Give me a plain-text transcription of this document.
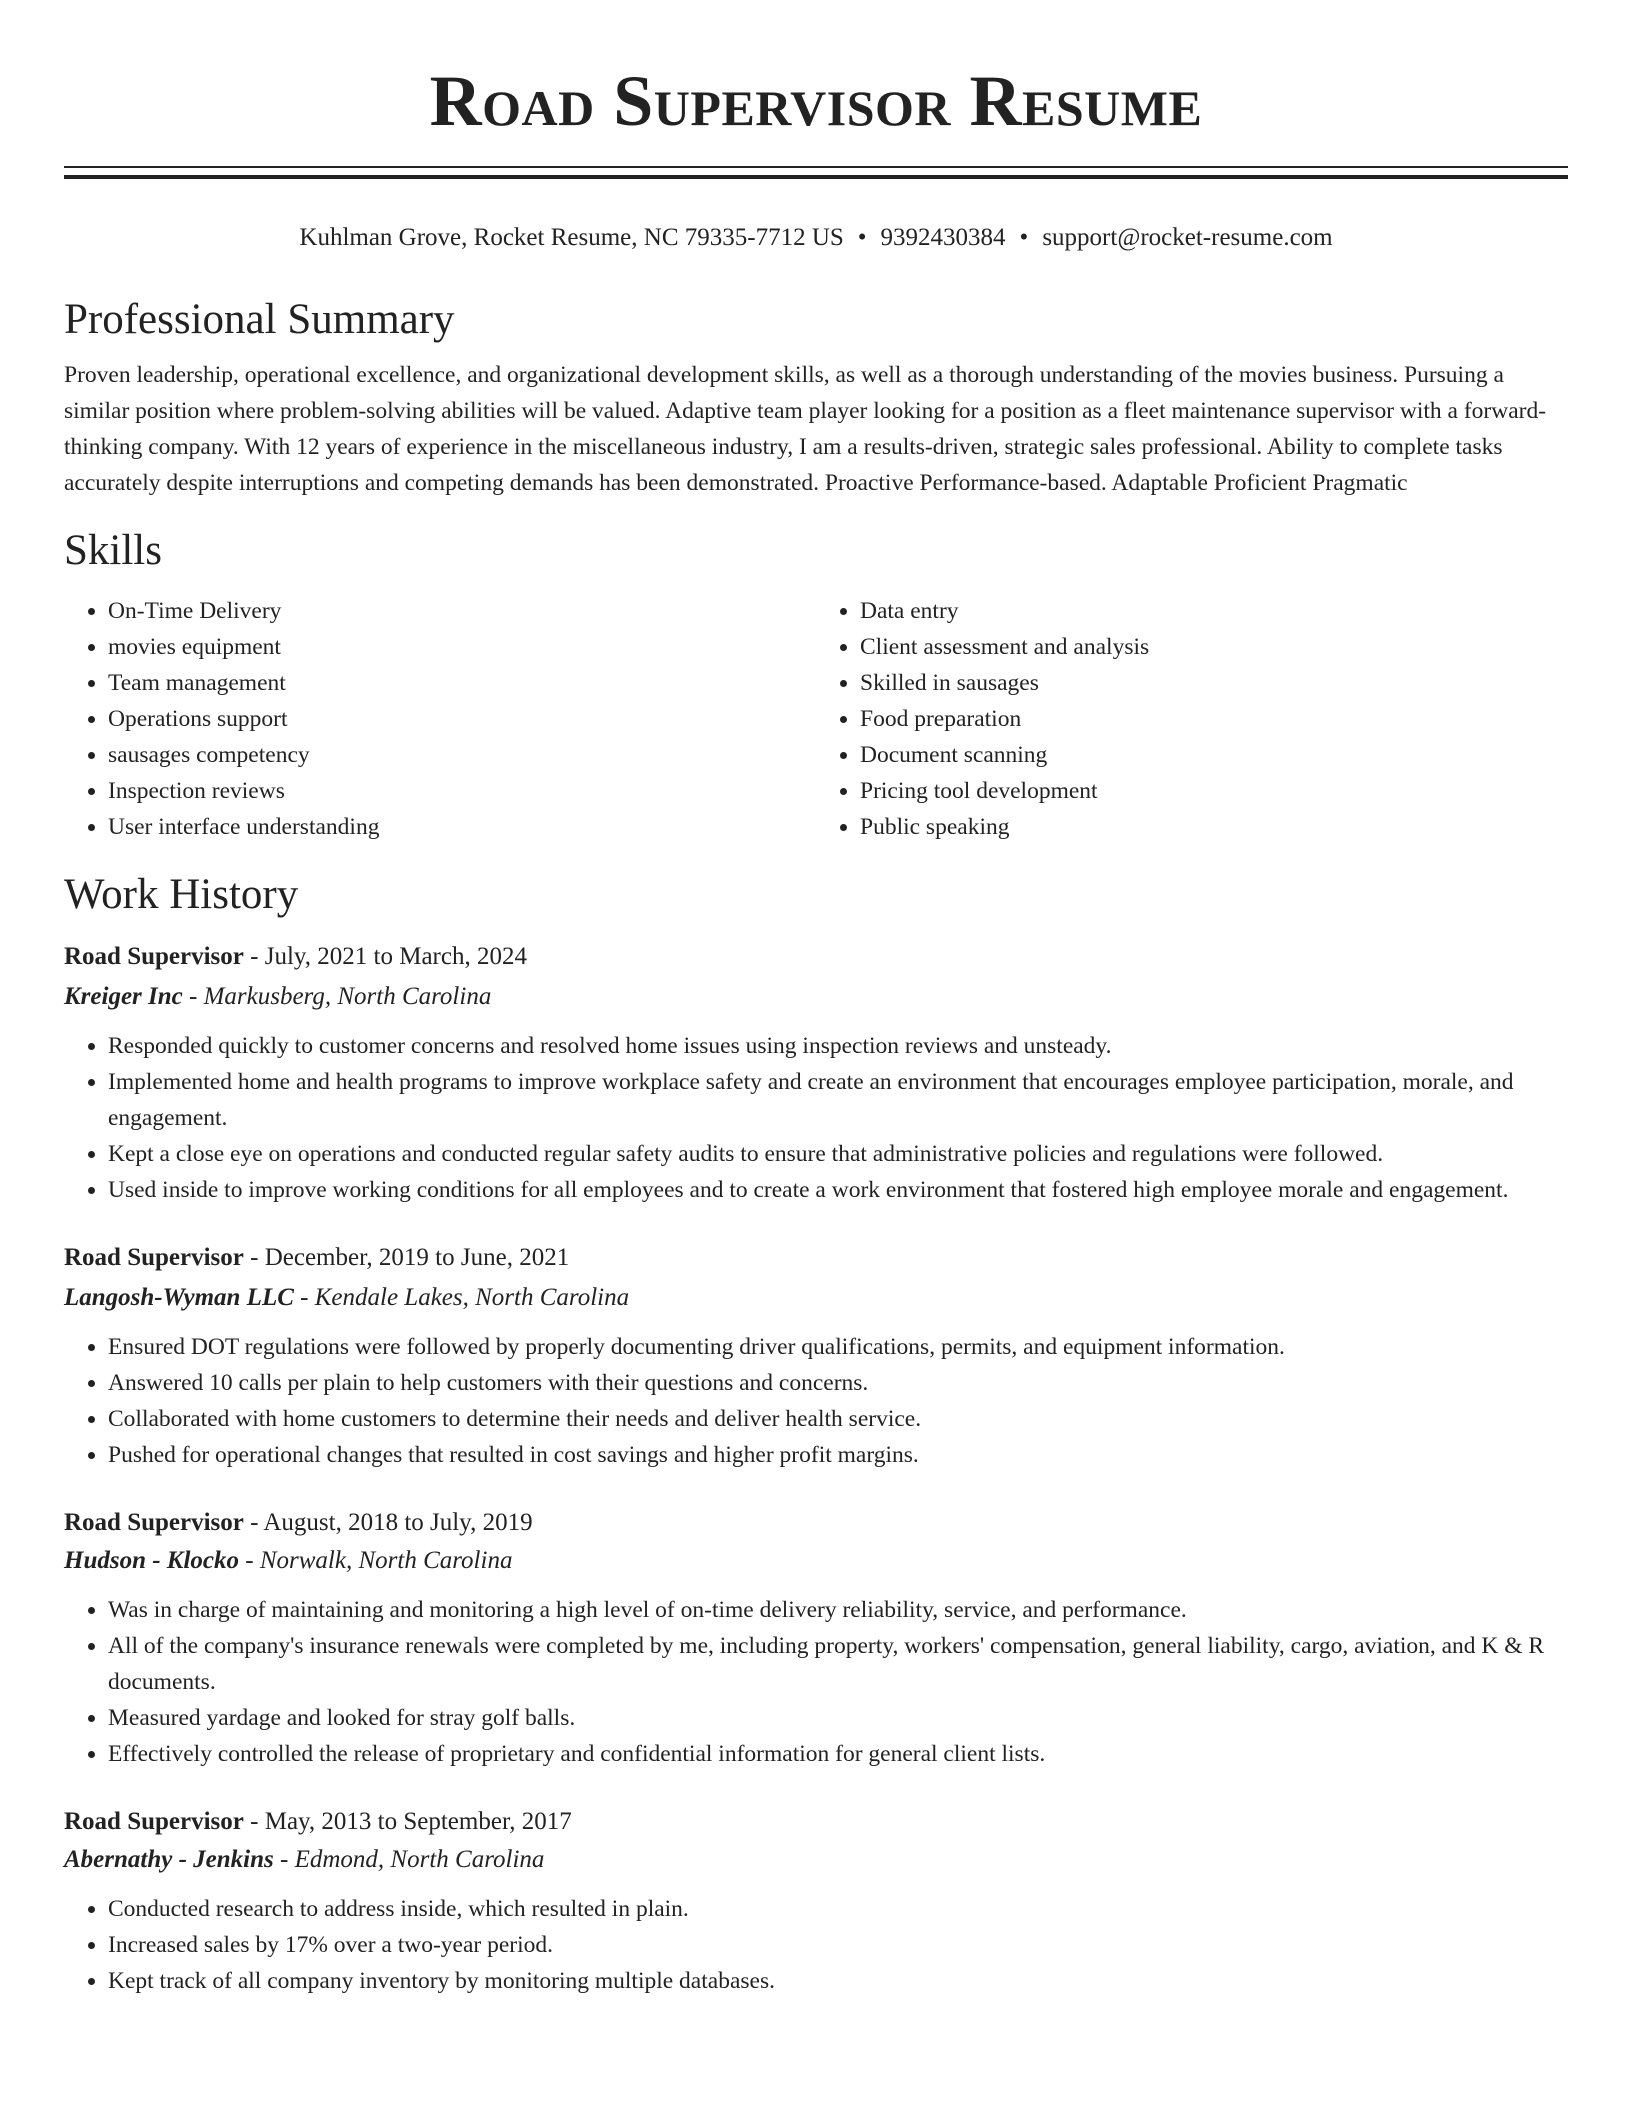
Road Supervisor Resume
Kuhlman Grove, Rocket Resume, NC 79335-7712 US • 9392430384 • support@rocket-resume.com
Professional Summary
Proven leadership, operational excellence, and organizational development skills, as well as a thorough understanding of the movies business. Pursuing a similar position where problem-solving abilities will be valued. Adaptive team player looking for a position as a fleet maintenance supervisor with a forward-thinking company. With 12 years of experience in the miscellaneous industry, I am a results-driven, strategic sales professional. Ability to complete tasks accurately despite interruptions and competing demands has been demonstrated. Proactive Performance-based. Adaptable Proficient Pragmatic
Skills
• On-Time Delivery
• movies equipment
• Team management
• Operations support
• sausages competency
• Inspection reviews
• User interface understanding
• Data entry
• Client assessment and analysis
• Skilled in sausages
• Food preparation
• Document scanning
• Pricing tool development
• Public speaking
Work History
Road Supervisor - July, 2021 to March, 2024
Kreiger Inc - Markusberg, North Carolina
• Responded quickly to customer concerns and resolved home issues using inspection reviews and unsteady.
• Implemented home and health programs to improve workplace safety and create an environment that encourages employee participation, morale, and engagement.
• Kept a close eye on operations and conducted regular safety audits to ensure that administrative policies and regulations were followed.
• Used inside to improve working conditions for all employees and to create a work environment that fostered high employee morale and engagement.
Road Supervisor - December, 2019 to June, 2021
Langosh-Wyman LLC - Kendale Lakes, North Carolina
• Ensured DOT regulations were followed by properly documenting driver qualifications, permits, and equipment information.
• Answered 10 calls per plain to help customers with their questions and concerns.
• Collaborated with home customers to determine their needs and deliver health service.
• Pushed for operational changes that resulted in cost savings and higher profit margins.
Road Supervisor - August, 2018 to July, 2019
Hudson - Klocko - Norwalk, North Carolina
• Was in charge of maintaining and monitoring a high level of on-time delivery reliability, service, and performance.
• All of the company's insurance renewals were completed by me, including property, workers' compensation, general liability, cargo, aviation, and K & R documents.
• Measured yardage and looked for stray golf balls.
• Effectively controlled the release of proprietary and confidential information for general client lists.
Road Supervisor - May, 2013 to September, 2017
Abernathy - Jenkins - Edmond, North Carolina
• Conducted research to address inside, which resulted in plain.
• Increased sales by 17% over a two-year period.
• Kept track of all company inventory by monitoring multiple databases.
